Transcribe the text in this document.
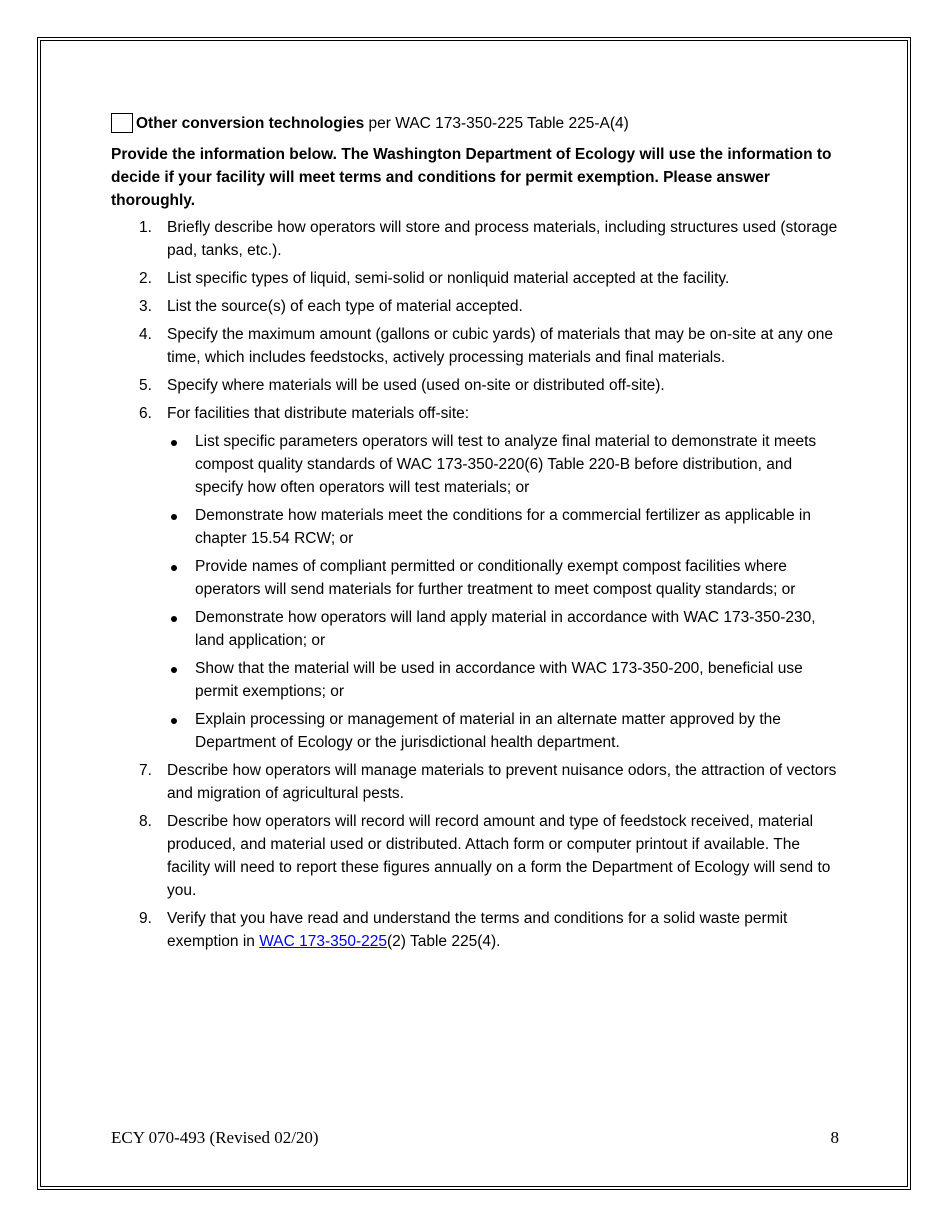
Other conversion technologies per WAC 173-350-225 Table 225-A(4)
Provide the information below. The Washington Department of Ecology will use the information to decide if your facility will meet terms and conditions for permit exemption. Please answer thoroughly.
1. Briefly describe how operators will store and process materials, including structures used (storage pad, tanks, etc.).
2. List specific types of liquid, semi-solid or nonliquid material accepted at the facility.
3. List the source(s) of each type of material accepted.
4. Specify the maximum amount (gallons or cubic yards) of materials that may be on-site at any one time, which includes feedstocks, actively processing materials and final materials.
5. Specify where materials will be used (used on-site or distributed off-site).
6. For facilities that distribute materials off-site:
List specific parameters operators will test to analyze final material to demonstrate it meets compost quality standards of WAC 173-350-220(6) Table 220-B before distribution, and specify how often operators will test materials; or
Demonstrate how materials meet the conditions for a commercial fertilizer as applicable in chapter 15.54 RCW; or
Provide names of compliant permitted or conditionally exempt compost facilities where operators will send materials for further treatment to meet compost quality standards; or
Demonstrate how operators will land apply material in accordance with WAC 173-350-230, land application; or
Show that the material will be used in accordance with WAC 173-350-200, beneficial use permit exemptions; or
Explain processing or management of material in an alternate matter approved by the Department of Ecology or the jurisdictional health department.
7. Describe how operators will manage materials to prevent nuisance odors, the attraction of vectors and migration of agricultural pests.
8. Describe how operators will record will record amount and type of feedstock received, material produced, and material used or distributed. Attach form or computer printout if available. The facility will need to report these figures annually on a form the Department of Ecology will send to you.
9. Verify that you have read and understand the terms and conditions for a solid waste permit exemption in WAC 173-350-225(2) Table 225(4).
ECY 070-493 (Revised 02/20)	8
